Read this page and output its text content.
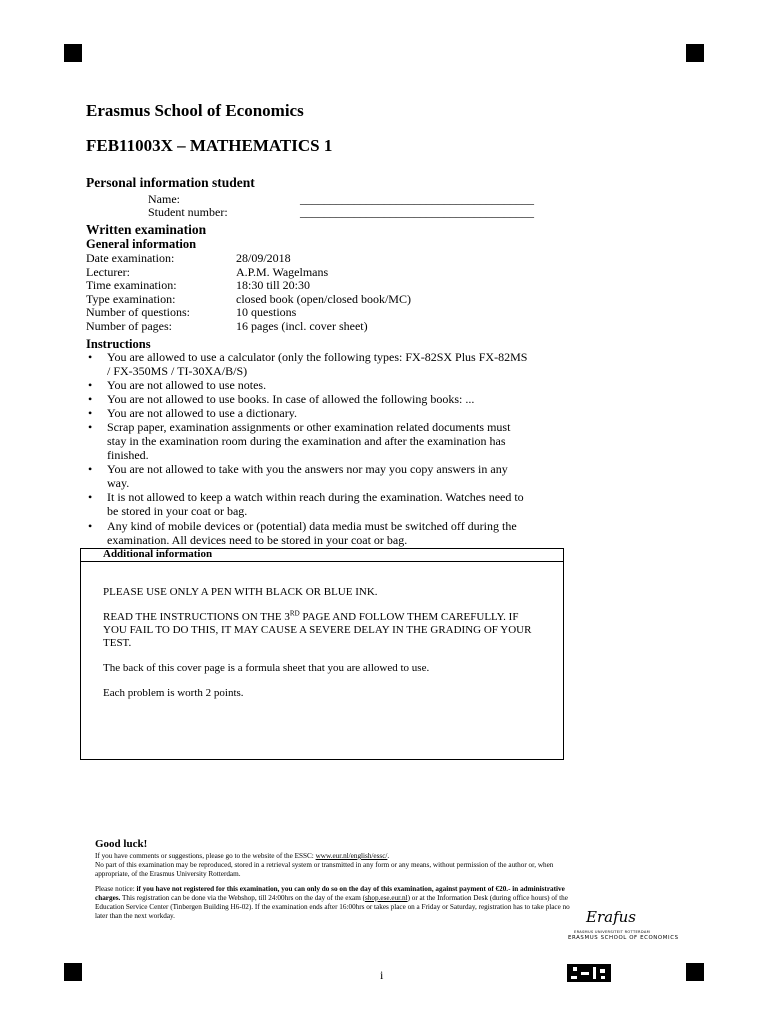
Erasmus School of Economics
FEB11003X – MATHEMATICS 1
Personal information student
Name:	_______________________________________
Student number:	_______________________________________
Written examination
General information
Date examination:	28/09/2018
Lecturer:	A.P.M. Wagelmans
Time examination:	18:30 till 20:30
Type examination:	closed book (open/closed book/MC)
Number of questions:	10 questions
Number of pages:	16 pages (incl. cover sheet)
Instructions
• You are allowed to use a calculator (only the following types: FX-82SX Plus FX-82MS
/ FX-350MS / TI-30XA/B/S)
• You are not allowed to use notes.
• You are not allowed to use books. In case of allowed the following books: ...
• You are not allowed to use a dictionary.
• Scrap paper, examination assignments or other examination related documents must
stay in the examination room during the examination and after the examination has
finished.
• You are not allowed to take with you the answers nor may you copy answers in any
way.
• It is not allowed to keep a watch within reach during the examination. Watches need to
be stored in your coat or bag.
• Any kind of mobile devices or (potential) data media must be switched off during the
examination. All devices need to be stored in your coat or bag.
Additional information
PLEASE USE ONLY A PEN WITH BLACK OR BLUE INK.
READ THE INSTRUCTIONS ON THE 3RD PAGE AND FOLLOW THEM CAREFULLY. IF
YOU FAIL TO DO THIS, IT MAY CAUSE A SEVERE DELAY IN THE GRADING OF YOUR
TEST.
The back of this cover page is a formula sheet that you are allowed to use.
Each problem is worth 2 points.
Good luck!
If you have comments or suggestions, please go to the website of the ESSC: www.eur.nl/english/essc/.
No part of this examination may be reproduced, stored in a retrieval system or transmitted in any form or any means, without permission of the author or, when
appropriate, of the Erasmus University Rotterdam.
Please notice: if you have not registered for this examination, you can only do so on the day of this examination, against payment of €20.- in administrative
charges. This registration can be done via the Webshop, till 24:00hrs on the day of the exam (shop.ese.eur.nl) or at the Information Desk (during office hours) of the
Education Service Center (Tinbergen Building H6-02). If the examination ends after 16:00hrs or takes place on a Friday or Saturday, registration has to take place no
later than the next workday.	Erafus
ERASMUS UNIVERSITEIT ROTTERDAM
ERASMUS SCHOOL OF ECONOMICS
i
